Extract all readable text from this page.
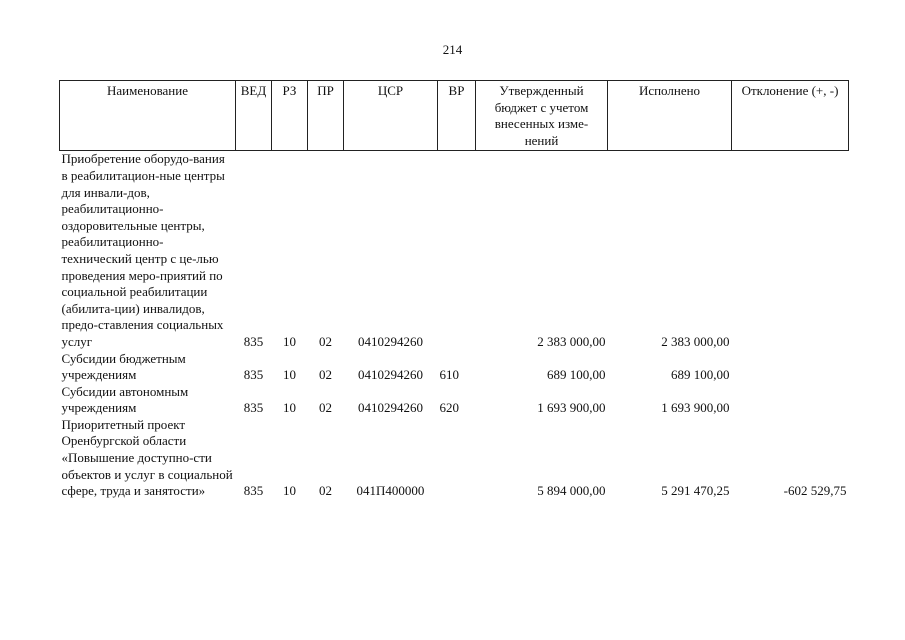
214
Наименование	ВЕД	РЗ	ПР	ЦСР	ВР	Утвержденный бюджет с учетом внесенных изме-нений	Исполнено	Отклонение (+, -)
Приобретение оборудо-вания в реабилитацион-ные центры для инвали-дов, реабилитационно-оздоровительные центры, реабилитационно-технический центр с це-лью проведения меро-приятий по социальной реабилитации (абилита-ции) инвалидов, предо-ставления социальных услуг	835	10	02	0410294260		2 383 000,00	2 383 000,00	
Субсидии бюджетным учреждениям	835	10	02	0410294260	610	689 100,00	689 100,00	
Субсидии автономным учреждениям	835	10	02	0410294260	620	1 693 900,00	1 693 900,00	
Приоритетный проект Оренбургской области «Повышение доступно-сти объектов и услуг в социальной сфере, труда и занятости»	835	10	02	041П400000		5 894 000,00	5 291 470,25	-602 529,75
